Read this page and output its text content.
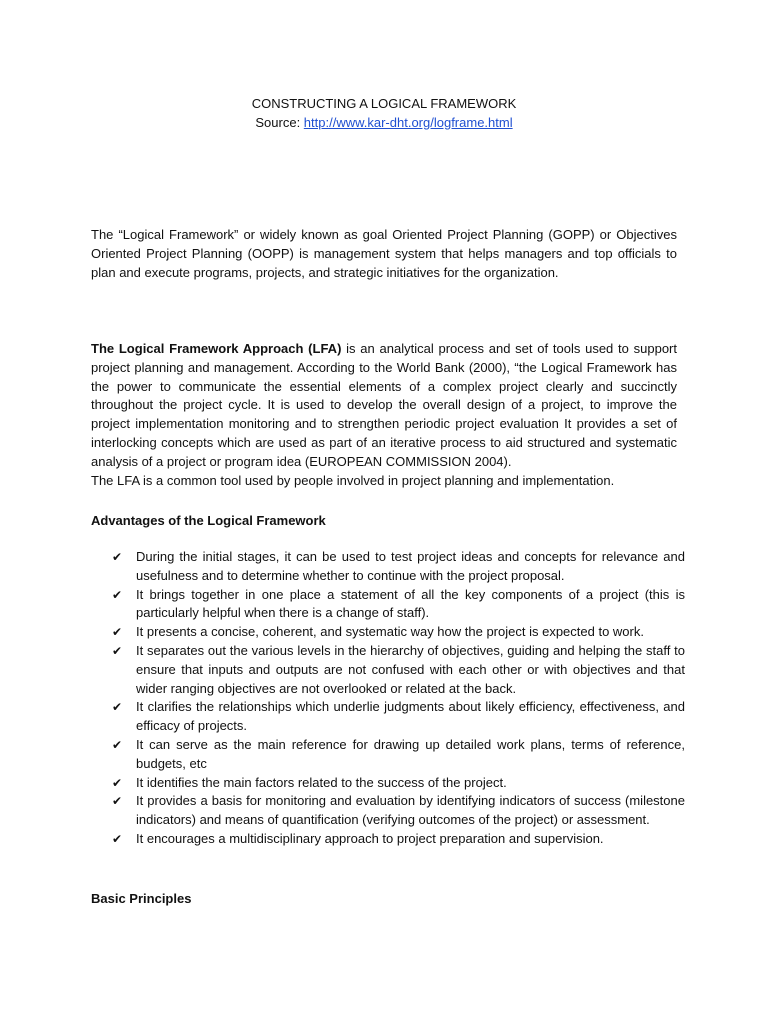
CONSTRUCTING A LOGICAL FRAMEWORK
Source: http://www.kar-dht.org/logframe.html
The “Logical Framework” or widely known as goal Oriented Project Planning (GOPP) or Objectives Oriented Project Planning (OOPP) is management system that helps managers and top officials to plan and execute programs, projects, and strategic initiatives for the organization.

The Logical Framework Approach (LFA) is an analytical process and set of tools used to support project planning and management. According to the World Bank (2000), “the Logical Framework has the power to communicate the essential elements of a complex project clearly and succinctly throughout the project cycle. It is used to develop the overall design of a project, to improve the project implementation monitoring and to strengthen periodic project evaluation It provides a set of interlocking concepts which are used as part of an iterative process to aid structured and systematic analysis of a project or program idea (EUROPEAN COMMISSION 2004).

The LFA is a common tool used by people involved in project planning and implementation.

Advantages of the Logical Framework
✔ During the initial stages, it can be used to test project ideas and concepts for relevance and usefulness and to determine whether to continue with the project proposal.
✔ It brings together in one place a statement of all the key components of a project (this is particularly helpful when there is a change of staff).
✔ It presents a concise, coherent, and systematic way how the project is expected to work.
✔ It separates out the various levels in the hierarchy of objectives, guiding and helping the staff to ensure that inputs and outputs are not confused with each other or with objectives and that wider ranging objectives are not overlooked or related at the back.
✔ It clarifies the relationships which underlie judgments about likely efficiency, effectiveness, and efficacy of projects.
✔ It can serve as the main reference for drawing up detailed work plans, terms of reference, budgets, etc
✔ It identifies the main factors related to the success of the project.
✔ It provides a basis for monitoring and evaluation by identifying indicators of success (milestone indicators) and means of quantification (verifying outcomes of the project) or assessment.
✔ It encourages a multidisciplinary approach to project preparation and supervision.
Basic Principles
